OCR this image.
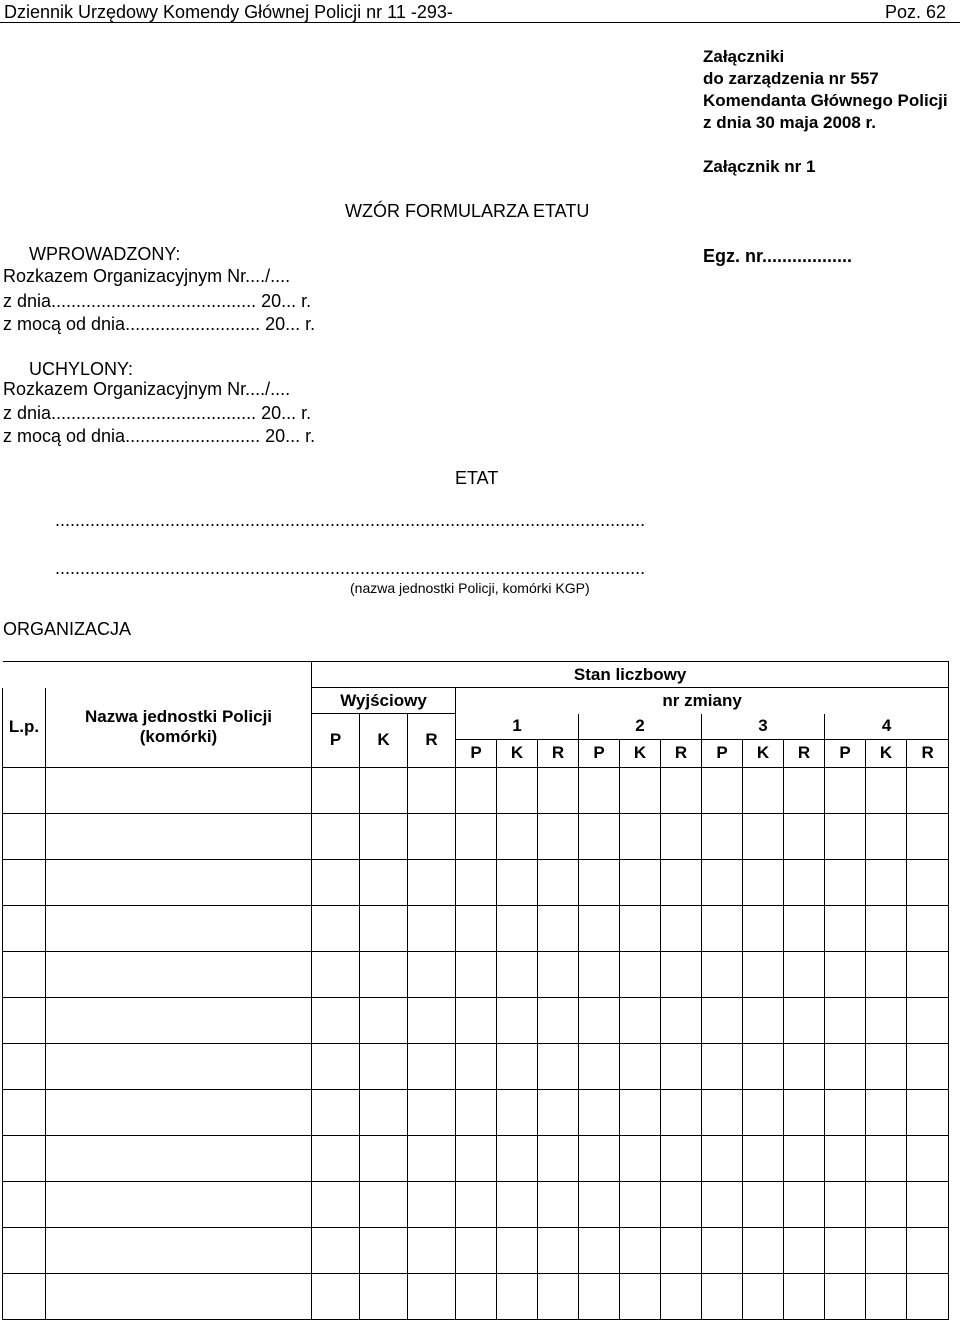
Dziennik Urzędowy Komendy Głównej Policji nr 11 -293-	Poz. 62
Załączniki
do zarządzenia nr 557
Komendanta Głównego Policji
z dnia 30 maja 2008 r.
Załącznik nr 1
WZÓR FORMULARZA ETATU
WPROWADZONY:
Rozkazem Organizacyjnym Nr..../....
z dnia......................................... 20... r.
z mocą od dnia........................... 20... r.
Egz. nr..................
UCHYLONY:
Rozkazem Organizacyjnym Nr..../....
z dnia......................................... 20... r.
z mocą od dnia........................... 20... r.
ETAT
......................................................................................................................
......................................................................................................................
(nazwa jednostki Policji, komórki KGP)
ORGANIZACJA
		Stan liczbowy														
L.p.	Nazwa jednostki Policji (komórki)	Wyjściowy			nr zmiany											
		P	K	R	1			2			3			4		
					P	K	R	P	K	R	P	K	R	P	K	R
